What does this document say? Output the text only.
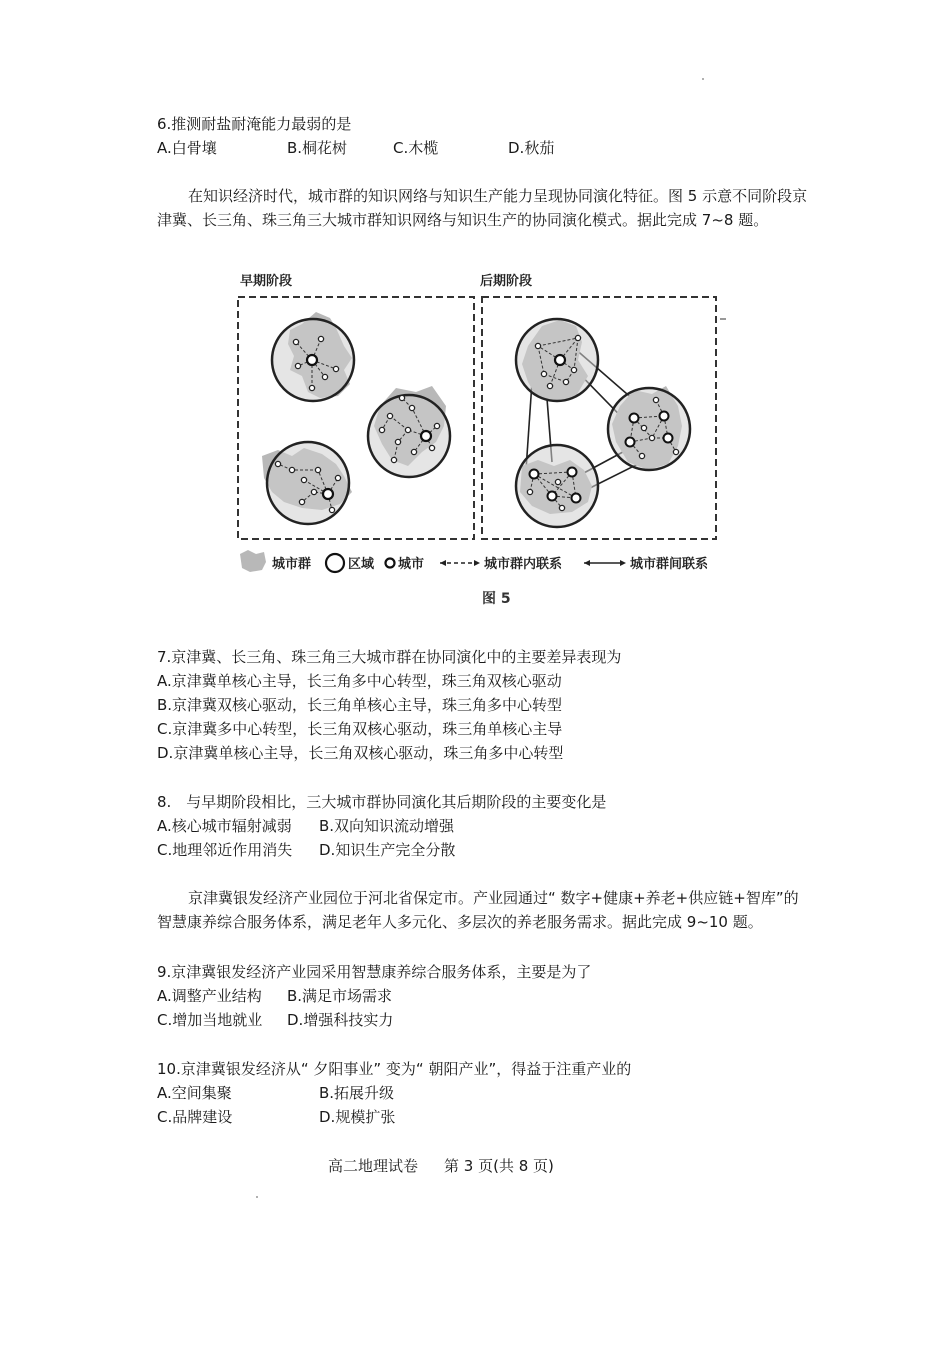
6.推测耐盐耐淹能力最弱的是
A.白骨壤	B.桐花树	C.木榄	D.秋茄
在知识经济时代，城市群的知识网络与知识生产能力呈现协同演化特征。图 5 示意不同阶段京津冀、长三角、珠三角三大城市群知识网络与知识生产的协同演化模式。据此完成 7~8 题。
早期阶段	后期阶段
城市群	区域 城市	城市群内联系	城市群间联系
图 5
7.京津冀、长三角、珠三角三大城市群在协同演化中的主要差异表现为
A.京津冀单核心主导，长三角多中心转型，珠三角双核心驱动
B.京津冀双核心驱动，长三角单核心主导，珠三角多中心转型
C.京津冀多中心转型，长三角双核心驱动，珠三角单核心主导
D.京津冀单核心主导，长三角双核心驱动，珠三角多中心转型
8.　与早期阶段相比，三大城市群协同演化其后期阶段的主要变化是
A.核心城市辐射减弱 B.双向知识流动增强
C.地理邻近作用消失 D.知识生产完全分散
京津冀银发经济产业园位于河北省保定市。产业园通过“ 数字+健康+养老+供应链+智库”的智慧康养综合服务体系，满足老年人多元化、多层次的养老服务需求。据此完成 9~10 题。
9.京津冀银发经济产业园采用智慧康养综合服务体系，主要是为了
A.调整产业结构 B.满足市场需求
C.增加当地就业 D.增强科技实力
10.京津冀银发经济从“ 夕阳事业” 变为“ 朝阳产业”，得益于注重产业的
A.空间集聚	B.拓展升级
C.品牌建设	D.规模扩张
高二地理试卷 第 3 页(共 8 页)
